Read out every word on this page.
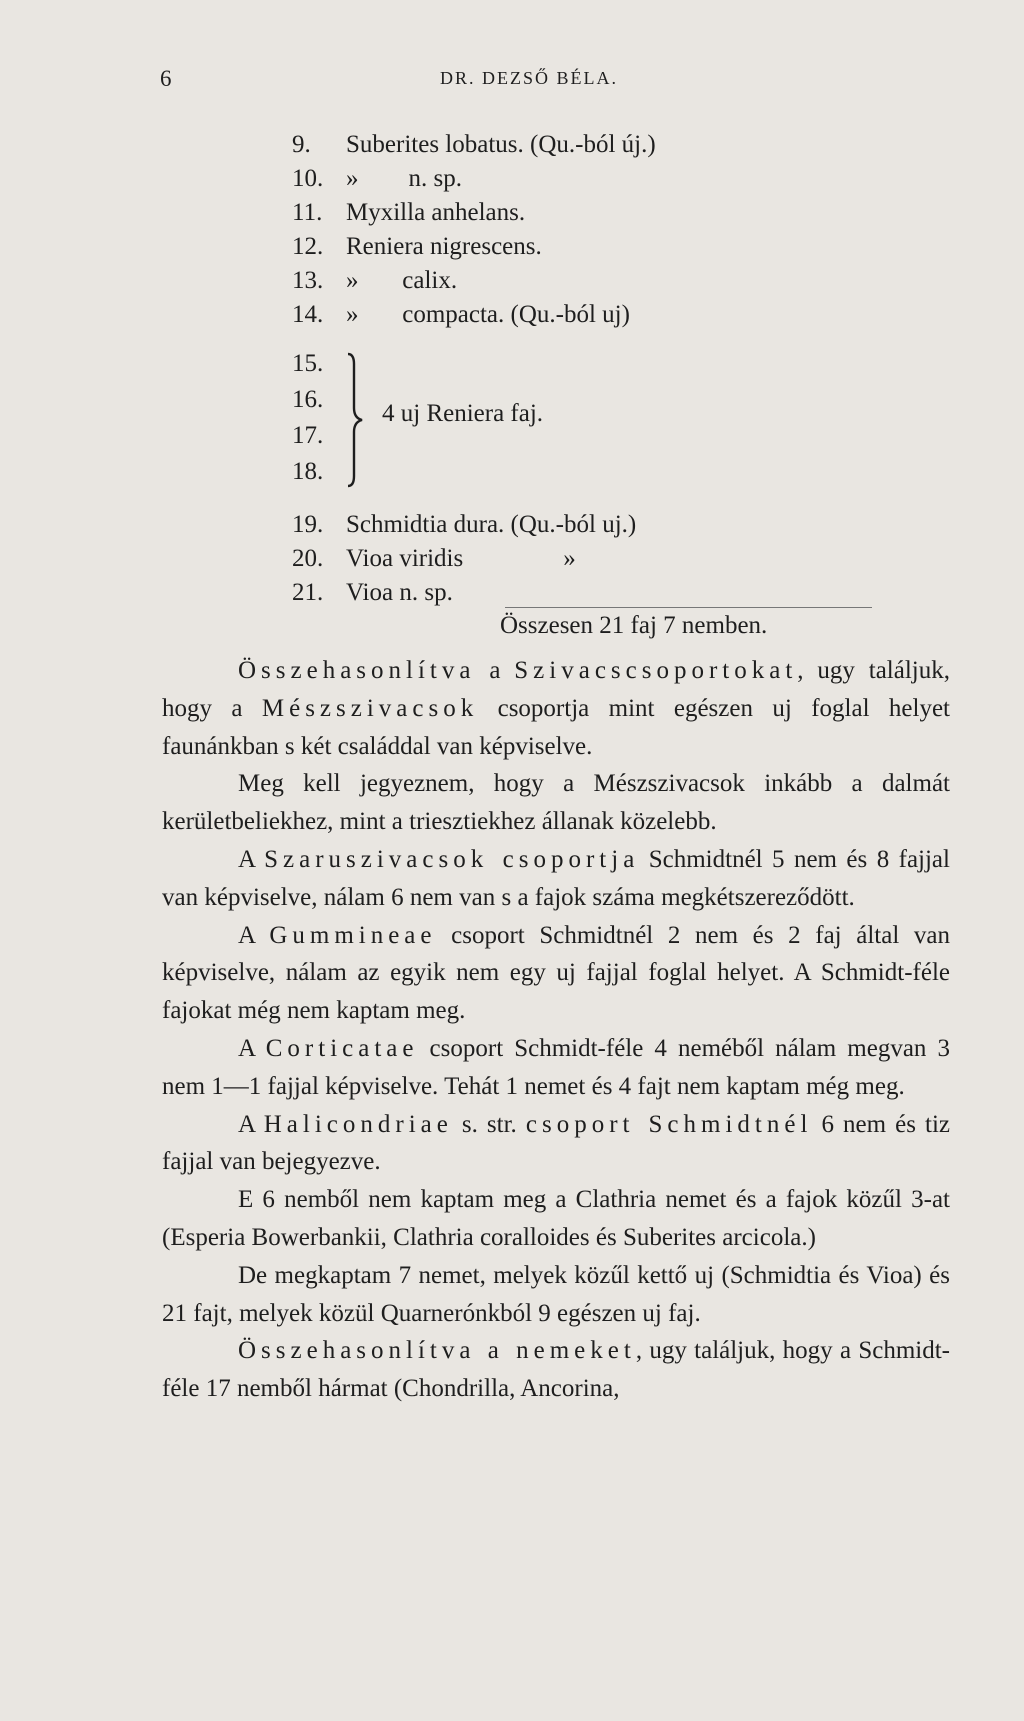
6	DR. DEZSŐ BÉLA.
9. Suberites lobatus. (Qu.-ból új.)
10. »        n. sp.
11. Myxilla anhelans.
12. Reniera nigrescens.
13. »       calix.
14. »       compacta. (Qu.-ból uj)
15.
16.
17.
18.
4 uj Reniera faj.
19. Schmidtia dura. (Qu.-ból uj.)
20. Vioa viridis                »
21. Vioa n. sp.
Összesen 21 faj 7 nemben.

Összehasonlítva a Szivacscsoportokat, ugy találjuk, hogy a Mészszivacsok csoportja mint egészen uj foglal helyet faunánkban s két családdal van képviselve.

Meg kell jegyeznem, hogy a Mészszivacsok inkább a dalmát kerületbeliekhez, mint a triesztiekhez állanak közelebb.

A Szaruszivacsok csoportja Schmidtnél 5 nem és 8 fajjal van képviselve, nálam 6 nem van s a fajok száma megkétszereződött.

A Gummineae csoport Schmidtnél 2 nem és 2 faj által van képviselve, nálam az egyik nem egy uj fajjal foglal helyet. A Schmidt-féle fajokat még nem kaptam meg.

A Corticatae csoport Schmidt-féle 4 neméből nálam megvan 3 nem 1—1 fajjal képviselve. Tehát 1 nemet és 4 fajt nem kaptam még meg.

A Halicondriae s. str. csoport Schmidtnél 6 nem és tiz fajjal van bejegyezve.

E 6 nemből nem kaptam meg a Clathria nemet és a fajok közűl 3-at (Esperia Bowerbankii, Clathria coralloides és Suberites arcicola.)

De megkaptam 7 nemet, melyek közűl kettő uj (Schmidtia és Vioa) és 21 fajt, melyek közül Quarnerónkból 9 egészen uj faj.

Összehasonlítva a nemeket, ugy találjuk, hogy a Schmidt-féle 17 nemből hármat (Chondrilla, Ancorina,
